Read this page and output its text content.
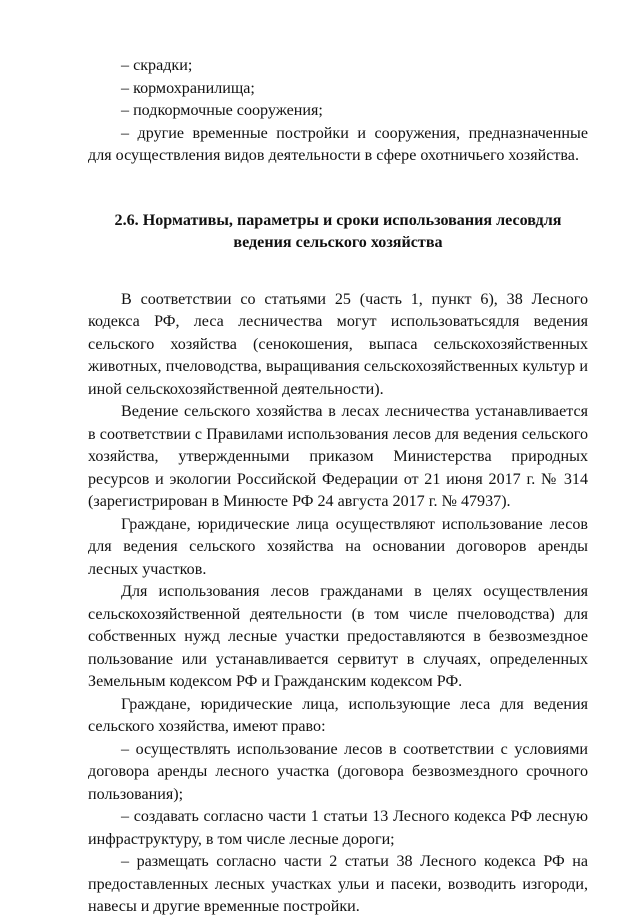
– скрадки;

– кормохранилища;

– подкормочные сооружения;

– другие временные постройки и сооружения, предназначенные для осуществления видов деятельности в сфере охотничьего хозяйства.

2.6. Нормативы, параметры и сроки использования лесовдля ведения сельского хозяйства

В соответствии со статьями 25 (часть 1, пункт 6), 38 Лесного кодекса РФ, леса лесничества могут использоватьсядля ведения сельского хозяйства (сенокошения, выпаса сельскохозяйственных животных, пчеловодства, выращивания сельскохозяйственных культур и иной сельскохозяйственной деятельности).

Ведение сельского хозяйства в лесах лесничества устанавливается в соответствии с Правилами использования лесов для ведения сельского хозяйства, утвержденными приказом Министерства природных ресурсов и экологии Российской Федерации от 21 июня 2017 г. № 314 (зарегистрирован в Минюсте РФ 24 августа 2017 г. № 47937).

Граждане, юридические лица осуществляют использование лесов для ведения сельского хозяйства на основании договоров аренды лесных участков.

Для использования лесов гражданами в целях осуществления сельскохозяйственной деятельности (в том числе пчеловодства) для собственных нужд лесные участки предоставляются в безвозмездное пользование или устанавливается сервитут в случаях, определенных Земельным кодексом РФ и Гражданским кодексом РФ.

Граждане, юридические лица, использующие леса для ведения сельского хозяйства, имеют право:

– осуществлять использование лесов в соответствии с условиями договора аренды лесного участка (договора безвозмездного срочного пользования);

– создавать согласно части 1 статьи 13 Лесного кодекса РФ лесную инфраструктуру, в том числе лесные дороги;

– размещать согласно части 2 статьи 38 Лесного кодекса РФ на предоставленных лесных участках ульи и пасеки, возводить изгороди, навесы и другие временные постройки.
